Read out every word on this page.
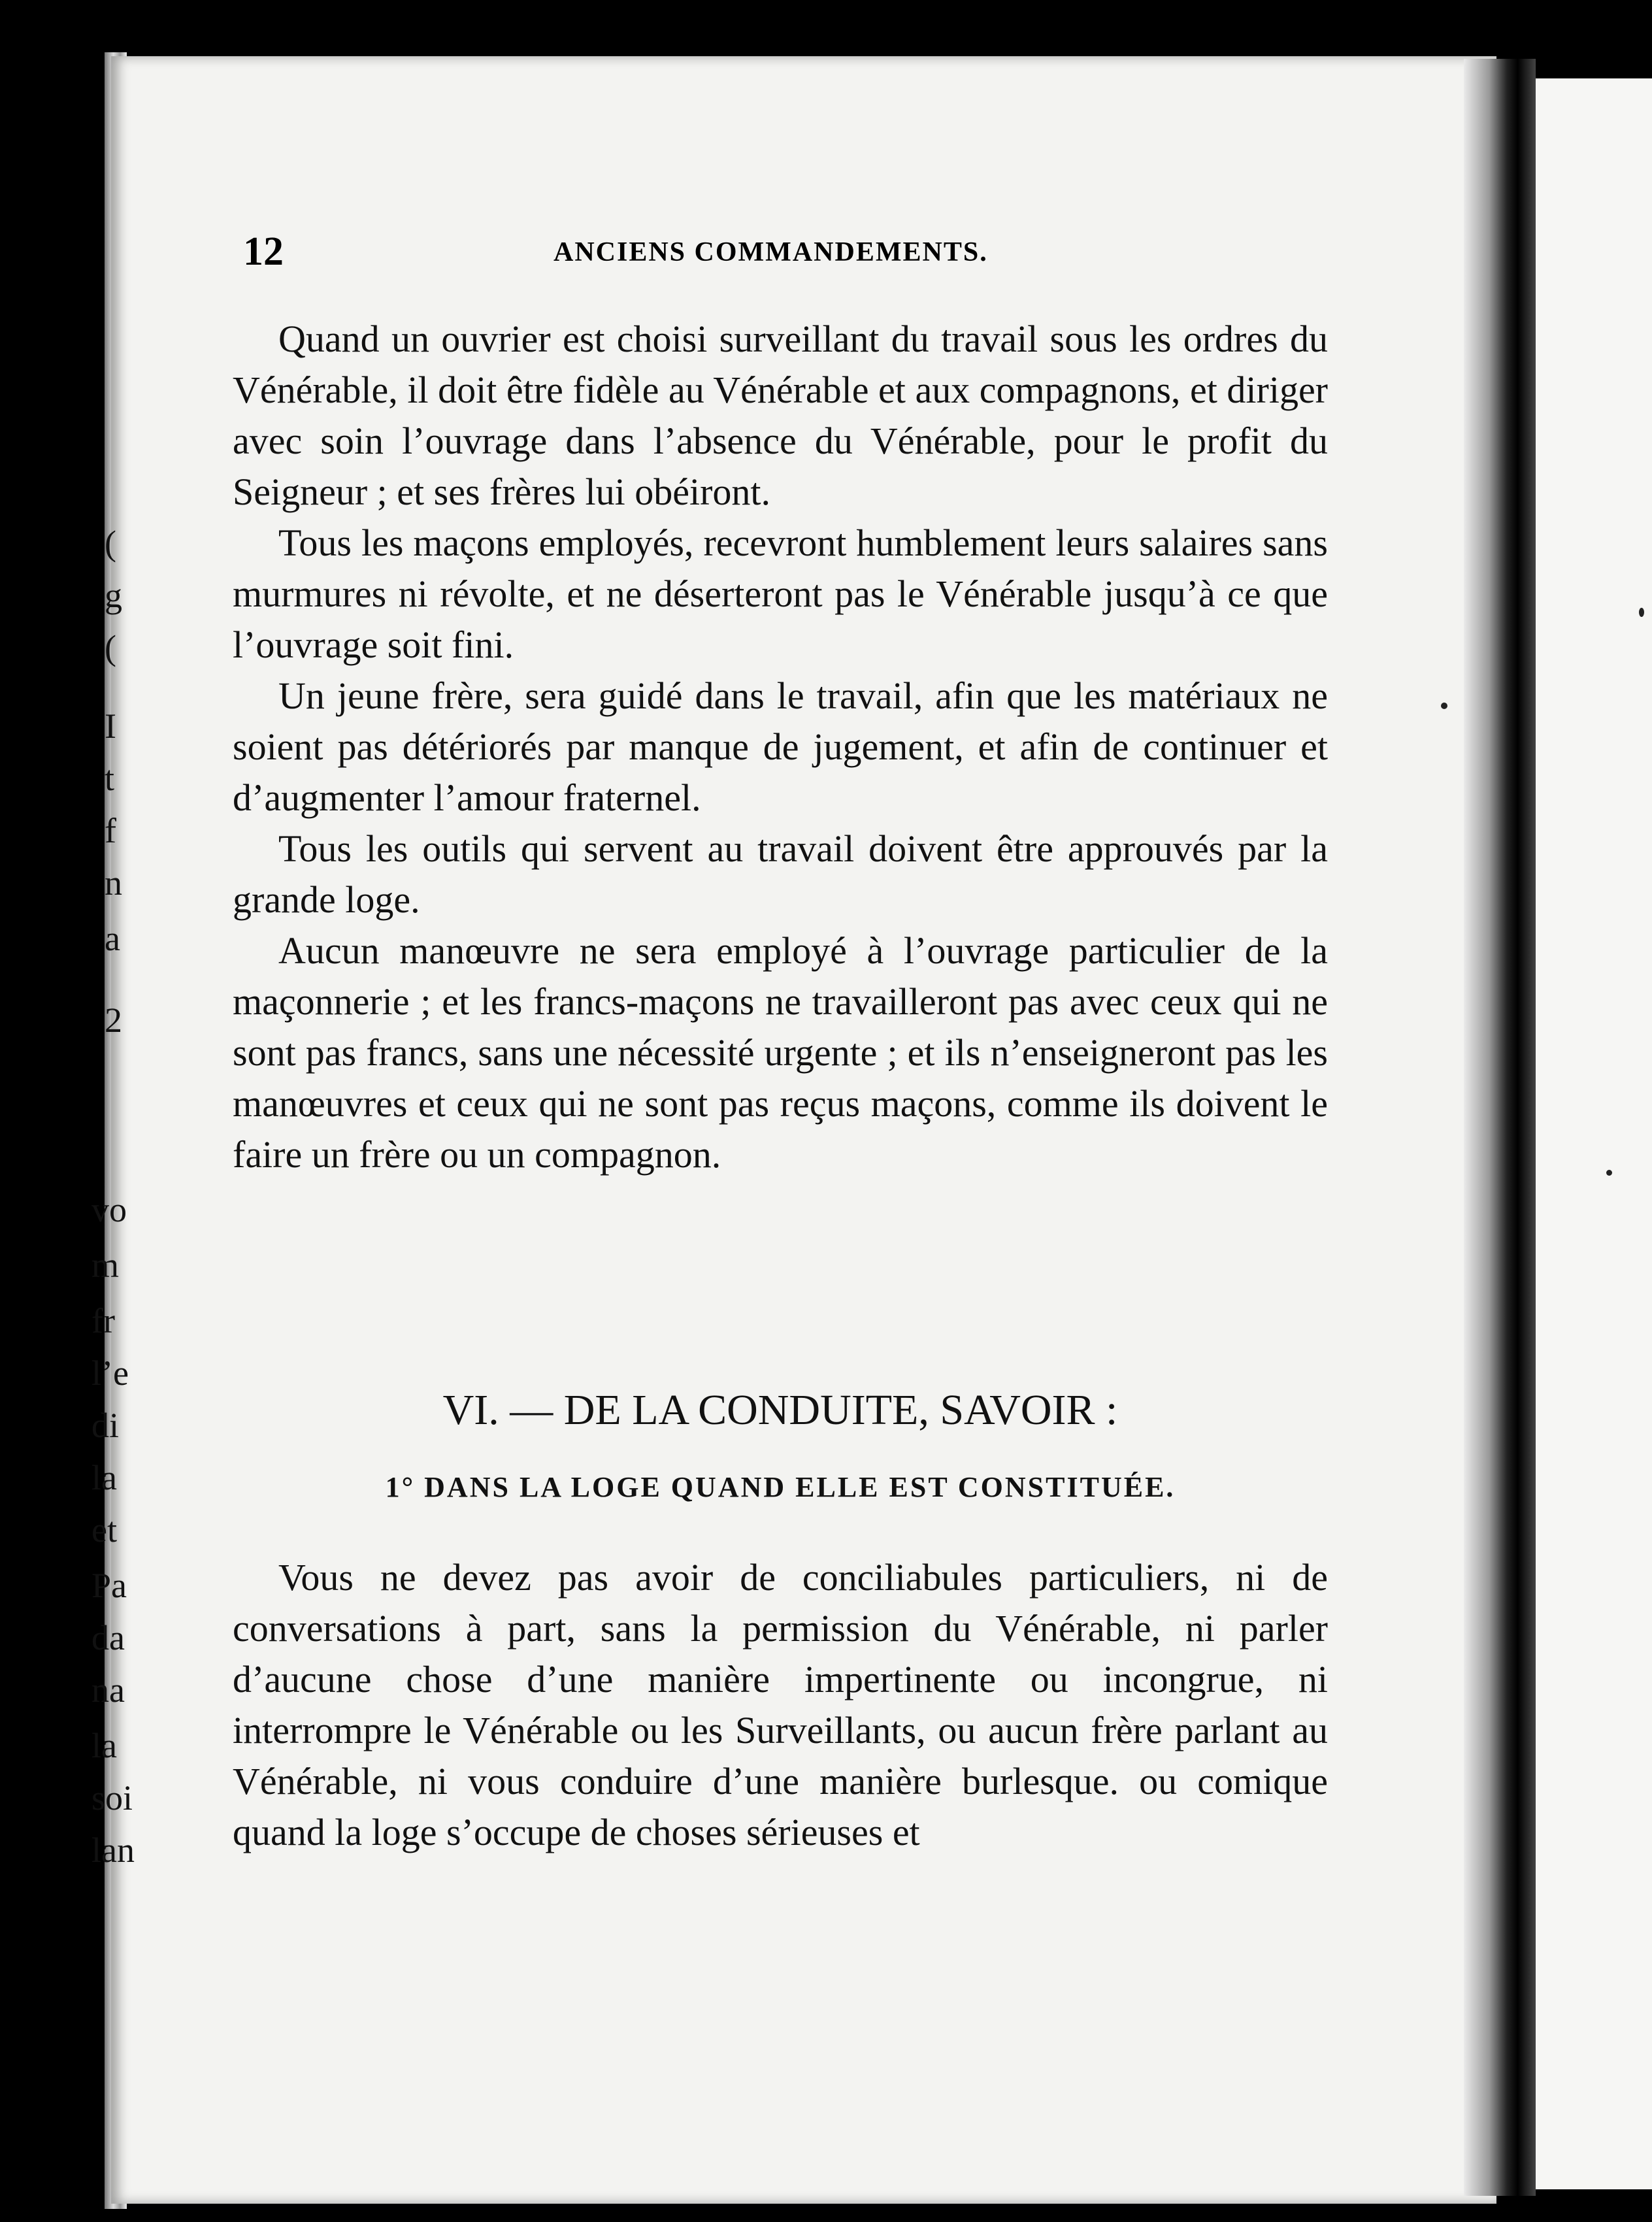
(
g
(
I
t
f
n
a
2
vo
m
fr
l’e
di
la
et
Pa
da
na
la
soi
lan
12	ANCIENS COMMANDEMENTS.

Quand un ouvrier est choisi surveillant du travail sous les ordres du Vénérable, il doit être fidèle au Vénérable et aux compagnons, et diriger avec soin l’ouvrage dans l’absence du Vénérable, pour le profit du Seigneur ; et ses frères lui obéiront.

Tous les maçons employés, recevront humblement leurs salaires sans murmures ni révolte, et ne déserteront pas le Vénérable jusqu’à ce que l’ouvrage soit fini.

Un jeune frère, sera guidé dans le travail, afin que les matériaux ne soient pas détériorés par manque de jugement, et afin de continuer et d’augmenter l’amour fraternel.

Tous les outils qui servent au travail doivent être approuvés par la grande loge.

Aucun manœuvre ne sera employé à l’ouvrage particulier de la maçonnerie ; et les francs-maçons ne travailleront pas avec ceux qui ne sont pas francs, sans une nécessité urgente ; et ils n’enseigneront pas les manœuvres et ceux qui ne sont pas reçus maçons, comme ils doivent le faire un frère ou un compagnon.

VI. — DE LA CONDUITE, SAVOIR :
1° DANS LA LOGE QUAND ELLE EST CONSTITUÉE.

Vous ne devez pas avoir de conciliabules particuliers, ni de conversations à part, sans la permission du Vénérable, ni parler d’aucune chose d’une manière impertinente ou incongrue, ni interrompre le Vénérable ou les Surveillants, ou aucun frère parlant au Vénérable, ni vous conduire d’une manière burlesque. ou comique quand la loge s’occupe de choses sérieuses et
